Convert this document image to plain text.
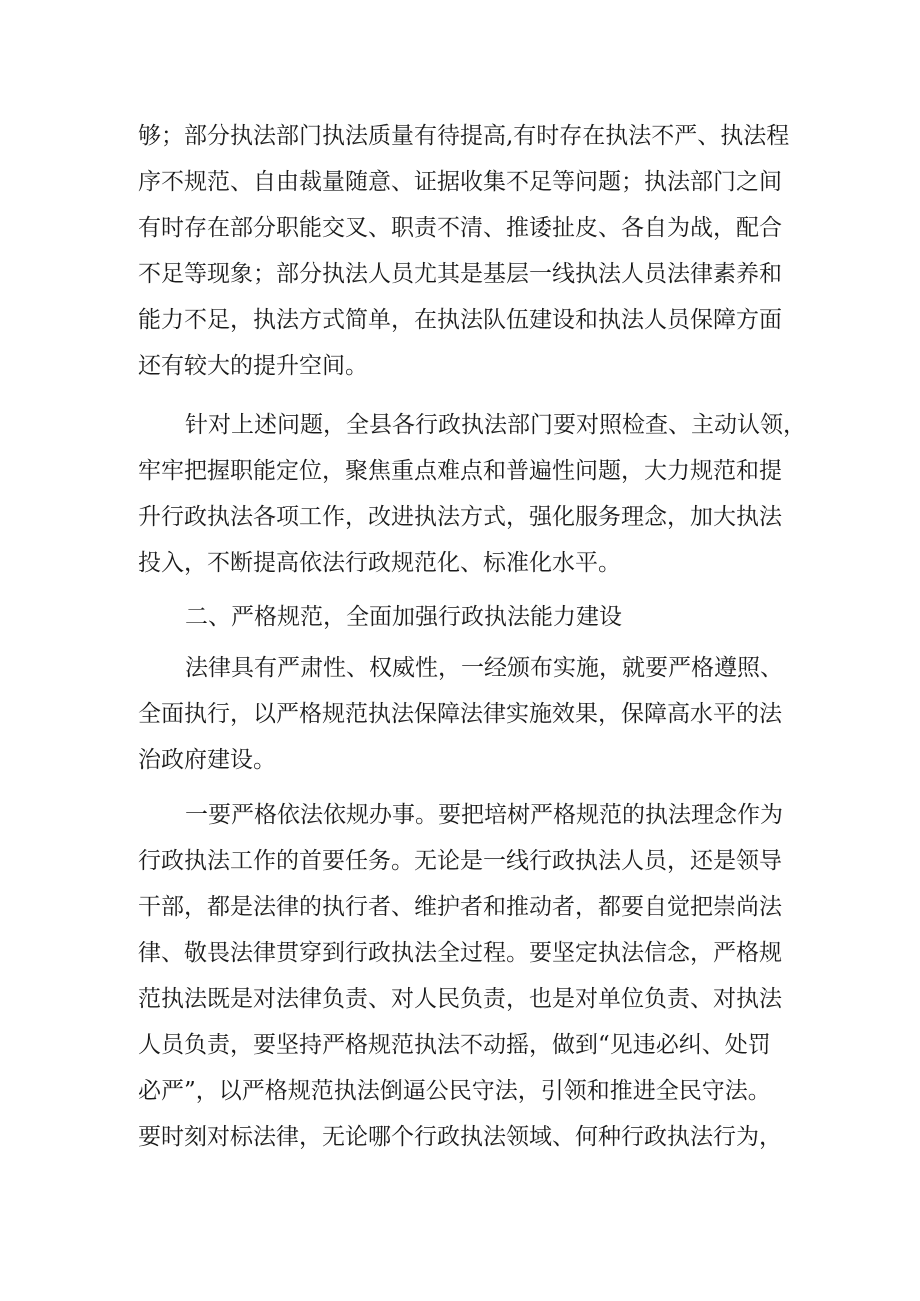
够；部分执法部门执法质量有待提高,有时存在执法不严、执法程
序不规范、自由裁量随意、证据收集不足等问题；执法部门之间
有时存在部分职能交叉、职责不清、推诿扯皮、各自为战，配合
不足等现象；部分执法人员尤其是基层一线执法人员法律素养和
能力不足，执法方式简单，在执法队伍建设和执法人员保障方面
还有较大的提升空间。
针对上述问题，全县各行政执法部门要对照检查、主动认领，
牢牢把握职能定位，聚焦重点难点和普遍性问题，大力规范和提
升行政执法各项工作，改进执法方式，强化服务理念，加大执法
投入，不断提高依法行政规范化、标准化水平。
二、严格规范，全面加强行政执法能力建设
法律具有严肃性、权威性，一经颁布实施，就要严格遵照、
全面执行，以严格规范执法保障法律实施效果，保障高水平的法
治政府建设。
一要严格依法依规办事。要把培树严格规范的执法理念作为
行政执法工作的首要任务。无论是一线行政执法人员，还是领导
干部，都是法律的执行者、维护者和推动者，都要自觉把崇尚法
律、敬畏法律贯穿到行政执法全过程。要坚定执法信念，严格规
范执法既是对法律负责、对人民负责，也是对单位负责、对执法
人员负责，要坚持严格规范执法不动摇，做到“见违必纠、处罚
必严”，以严格规范执法倒逼公民守法，引领和推进全民守法。
要时刻对标法律，无论哪个行政执法领域、何种行政执法行为，
